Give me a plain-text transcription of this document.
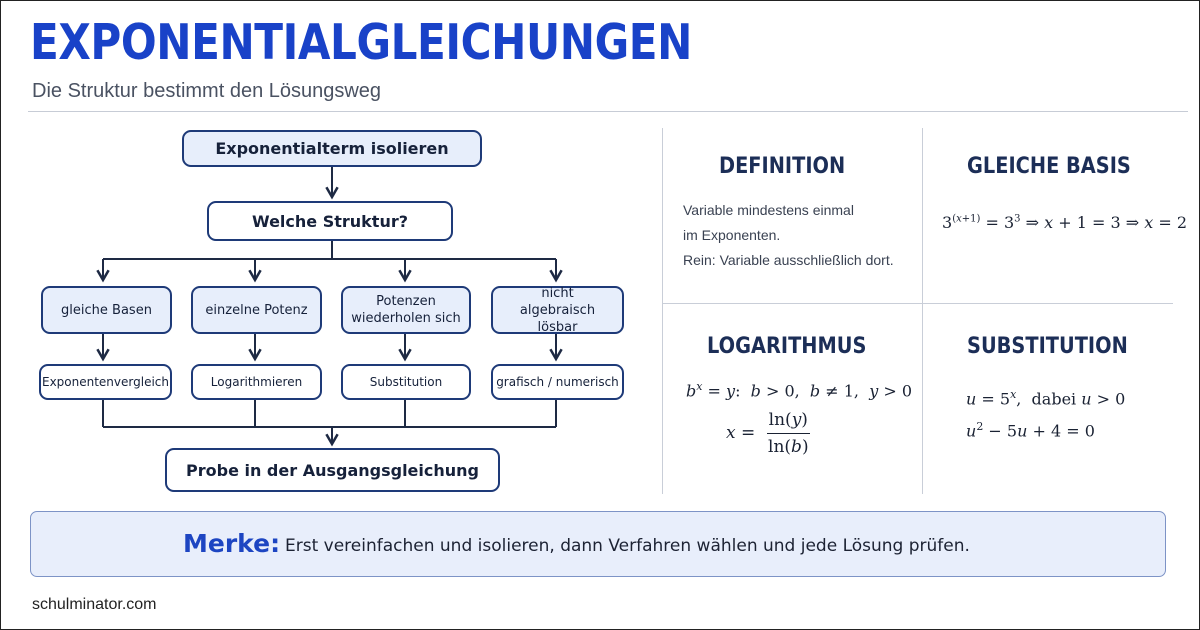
EXPONENTIALGLEICHUNGEN
Die Struktur bestimmt den Lösungsweg
Exponentialterm isolieren
Welche Struktur?
gleiche Basen	einzelne Potenz
Potenzen wiederholen sich
nicht algebraisch lösbar
Exponentenvergleich	Logarithmieren	Substitution	grafisch / numerisch
Probe in der Ausgangsgleichung
DEFINITION
Variable mindestens einmal
im Exponenten.
Rein: Variable ausschließlich dort.
GLEICHE BASIS
$3^{(x+1)} = 3^3$ ⇒ x + 1 = 3 ⇒ x = 2
LOGARITHMUS
$b^x = y$:  b > 0,  b ≠ 1,  y > 0
$x = \frac{\ln(y)}{\ln(b)}$
SUBSTITUTION
$u = 5^x$,  dabei u > 0
$u^2 - 5u + 4 = 0$
Merke: Erst vereinfachen und isolieren, dann Verfahren wählen und jede Lösung prüfen.
schulminator.com
